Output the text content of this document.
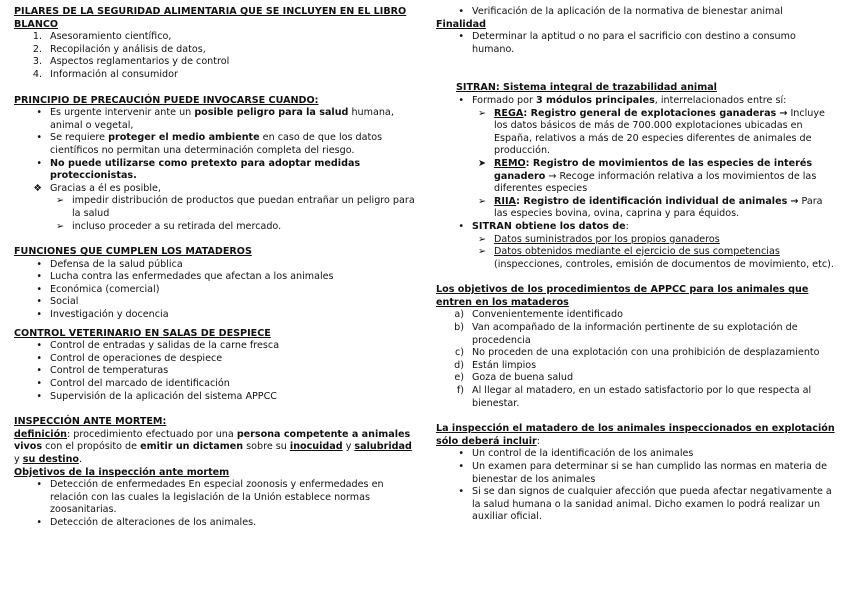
PILARES DE LA SEGURIDAD ALIMENTARIA QUE SE INCLUYEN EN EL LIBRO BLANCO

1. Asesoramiento científico,
2. Recopilación y análisis de datos,
3. Aspectos reglamentarios y de control
4. Información al consumidor

PRINCIPIO DE PRECAUCIÓN PUEDE INVOCARSE CUANDO:

• Es urgente intervenir ante un posible peligro para la salud humana, animal o vegetal,
• Se requiere proteger el medio ambiente en caso de que los datos científicos no permitan una determinación completa del riesgo.
• No puede utilizarse como pretexto para adoptar medidas proteccionistas.
❖ Gracias a él es posible,
➢ impedir distribución de productos que puedan entrañar un peligro para la salud
➢ incluso proceder a su retirada del mercado.

FUNCIONES QUE CUMPLEN LOS MATADEROS

• Defensa de la salud pública
• Lucha contra las enfermedades que afectan a los animales
• Económica (comercial)
• Social
• Investigación y docencia

CONTROL VETERINARIO EN SALAS DE DESPIECE

• Control de entradas y salidas de la carne fresca
• Control de operaciones de despiece
• Control de temperaturas
• Control del marcado de identificación
• Supervisión de la aplicación del sistema APPCC

INSPECCIÓN ANTE MORTEM:

definición: procedimiento efectuado por una persona competente a animales vivos con el propósito de emitir un dictamen sobre su inocuidad y salubridad y su destino.

Objetivos de la inspección ante mortem

• Detección de enfermedades En especial zoonosis y enfermedades en relación con las cuales la legislación de la Unión establece normas zoosanitarias.
• Detección de alteraciones de los animales.
• Verificación de la aplicación de la normativa de bienestar animal

Finalidad

• Determinar la aptitud o no para el sacrificio con destino a consumo humano.

SITRAN: Sistema integral de trazabilidad animal

• Formado por 3 módulos principales, interrelacionados entre sí:
➢ REGA: Registro general de explotaciones ganaderas → Incluye los datos básicos de más de 700.000 explotaciones ubicadas en España, relativos a más de 20 especies diferentes de animales de producción.
➤ REMO: Registro de movimientos de las especies de interés ganadero → Recoge información relativa a los movimientos de las diferentes especies
➢ RIIA: Registro de identificación individual de animales → Para las especies bovina, ovina, caprina y para équidos.
• SITRAN obtiene los datos de:
➢ Datos suministrados por los propios ganaderos
➢ Datos obtenidos mediante el ejercicio de sus competencias (inspecciones, controles, emisión de documentos de movimiento, etc).

Los objetivos de los procedimientos de APPCC para los animales que entren en los mataderos

a) Convenientemente identificado
b) Van acompañado de la información pertinente de su explotación de procedencia
c) No proceden de una explotación con una prohibición de desplazamiento
d) Están limpios
e) Goza de buena salud
f) Al llegar al matadero, en un estado satisfactorio por lo que respecta al bienestar.

La inspección el matadero de los animales inspeccionados en explotación sólo deberá incluir

:
• Un control de la identificación de los animales
• Un examen para determinar si se han cumplido las normas en materia de bienestar de los animales
• Si se dan signos de cualquier afección que pueda afectar negativamente a la salud humana o la sanidad animal. Dicho examen lo podrá realizar un auxiliar oficial.
